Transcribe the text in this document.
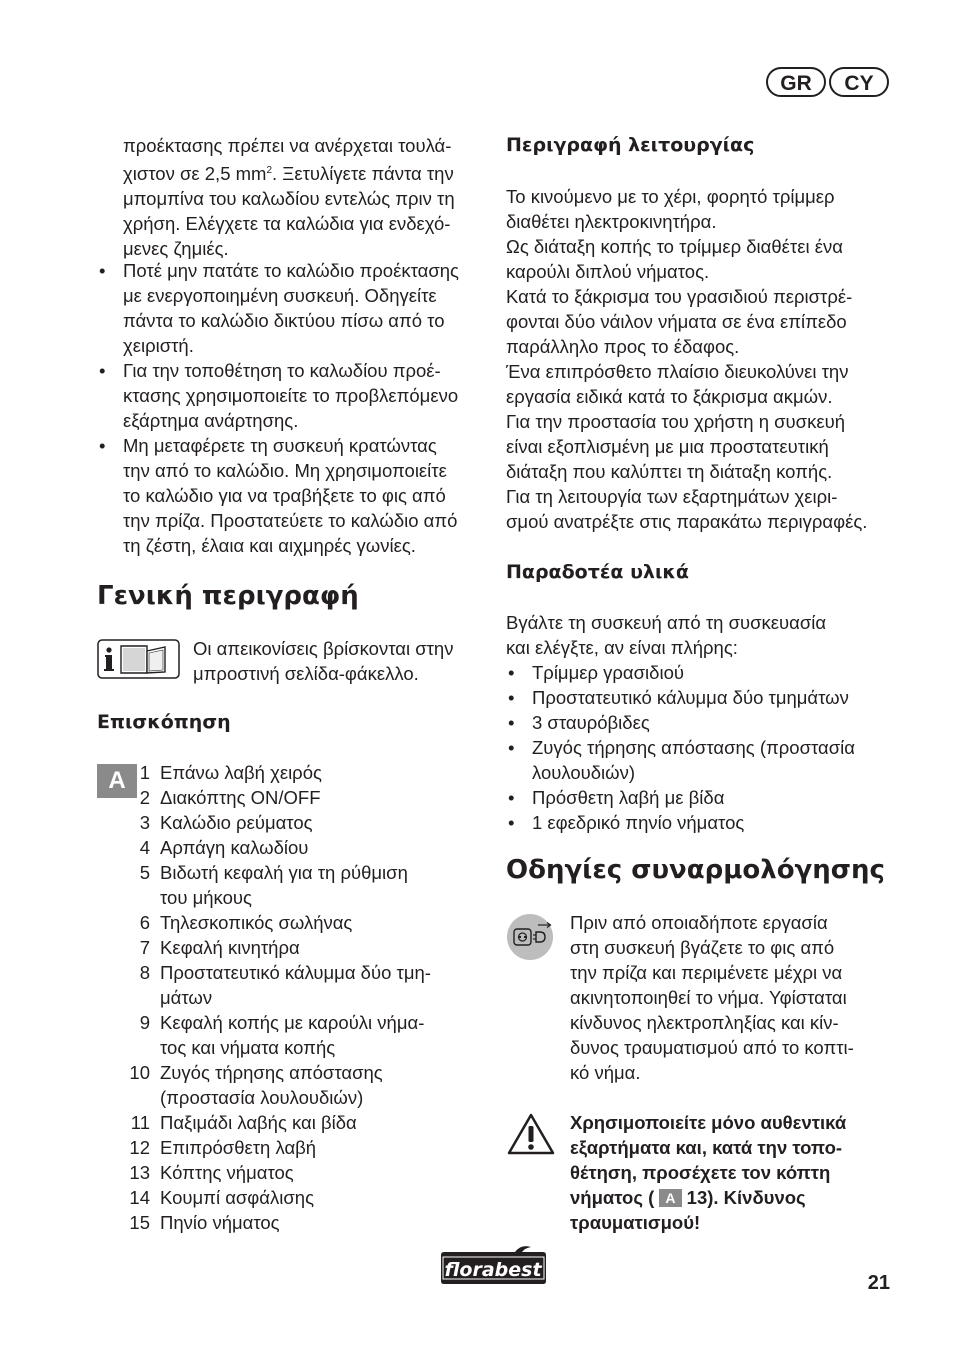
GR	CY
προέκτασης πρέπει να ανέρχεται τουλά-
χιστον σε 2,5 $mm^2$. Ξετυλίγετε πάντα την
μπομπίνα του καλωδίου εντελώς πριν τη
χρήση. Ελέγχετε τα καλώδια για ενδεχό-
μενες ζημιές.
• Ποτέ μην πατάτε το καλώδιο προέκτασης
με ενεργοποιημένη συσκευή. Οδηγείτε
πάντα το καλώδιο δικτύου πίσω από το
χειριστή.
• Για την τοποθέτηση το καλωδίου προέ-
κτασης χρησιμοποιείτε το προβλεπόμενο
εξάρτημα ανάρτησης.
• Μη μεταφέρετε τη συσκευή κρατώντας
την από το καλώδιο. Μη χρησιμοποιείτε
το καλώδιο για να τραβήξετε το φις από
την πρίζα. Προστατεύετε το καλώδιο από
τη ζέστη, έλαια και αιχμηρές γωνίες.
Γενική περιγραφή
Οι απεικονίσεις βρίσκονται στην
μπροστινή σελίδα-φάκελλο.
Επισκόπηση
A 1 Επάνω λαβή χειρός
2 Διακόπτης ON/OFF
3 Καλώδιο ρεύματος
4 Αρπάγη καλωδίου
5 Βιδωτή κεφαλή για τη ρύθμιση
του μήκους
6 Τηλεσκοπικός σωλήνας
7 Κεφαλή κινητήρα
8 Προστατευτικό κάλυμμα δύο τμη-
μάτων
9 Κεφαλή κοπής με καρούλι νήμα-
τος και νήματα κοπής
10 Ζυγός τήρησης απόστασης
(προστασία λουλουδιών)
11 Παξιμάδι λαβής και βίδα
12 Επιπρόσθετη λαβή
13 Κόπτης νήματος
14 Κουμπί ασφάλισης
15 Πηνίο νήματος
Περιγραφή λειτουργίας
Το κινούμενο με το χέρι, φορητό τρίμμερ
διαθέτει ηλεκτροκινητήρα.
Ως διάταξη κοπής το τρίμμερ διαθέτει ένα
καρούλι διπλού νήματος.
Κατά το ξάκρισμα του γρασιδιού περιστρέ-
φονται δύο νάιλον νήματα σε ένα επίπεδο
παράλληλο προς το έδαφος.
Ένα επιπρόσθετο πλαίσιο διευκολύνει την
εργασία ειδικά κατά το ξάκρισμα ακμών.
Για την προστασία του χρήστη η συσκευή
είναι εξοπλισμένη με μια προστατευτική
διάταξη που καλύπτει τη διάταξη κοπής.
Για τη λειτουργία των εξαρτημάτων χειρι-
σμού ανατρέξτε στις παρακάτω περιγραφές.
Παραδοτέα υλικά
Βγάλτε τη συσκευή από τη συσκευασία
και ελέγξτε, αν είναι πλήρης:
• Τρίμμερ γρασιδιού
• Προστατευτικό κάλυμμα δύο τμημάτων
• 3 σταυρόβιδες
• Ζυγός τήρησης απόστασης (προστασία
λουλουδιών)
• Πρόσθετη λαβή με βίδα
• 1 εφεδρικό πηνίο νήματος
Οδηγίες συναρμολόγησης
Πριν από οποιαδήποτε εργασία
στη συσκευή βγάζετε το φις από
την πρίζα και περιμένετε μέχρι να
ακινητοποιηθεί το νήμα. Υφίσταται
κίνδυνος ηλεκτροπληξίας και κίν-
δυνος τραυματισμού από το κοπτι-
κό νήμα.
Χρησιμοποιείτε μόνο αυθεντικά
εξαρτήματα και, κατά την τοπο-
θέτηση, προσέχετε τον κόπτη
νήματος ( A 13). Κίνδυνος
τραυματισμού!
florabest
21
